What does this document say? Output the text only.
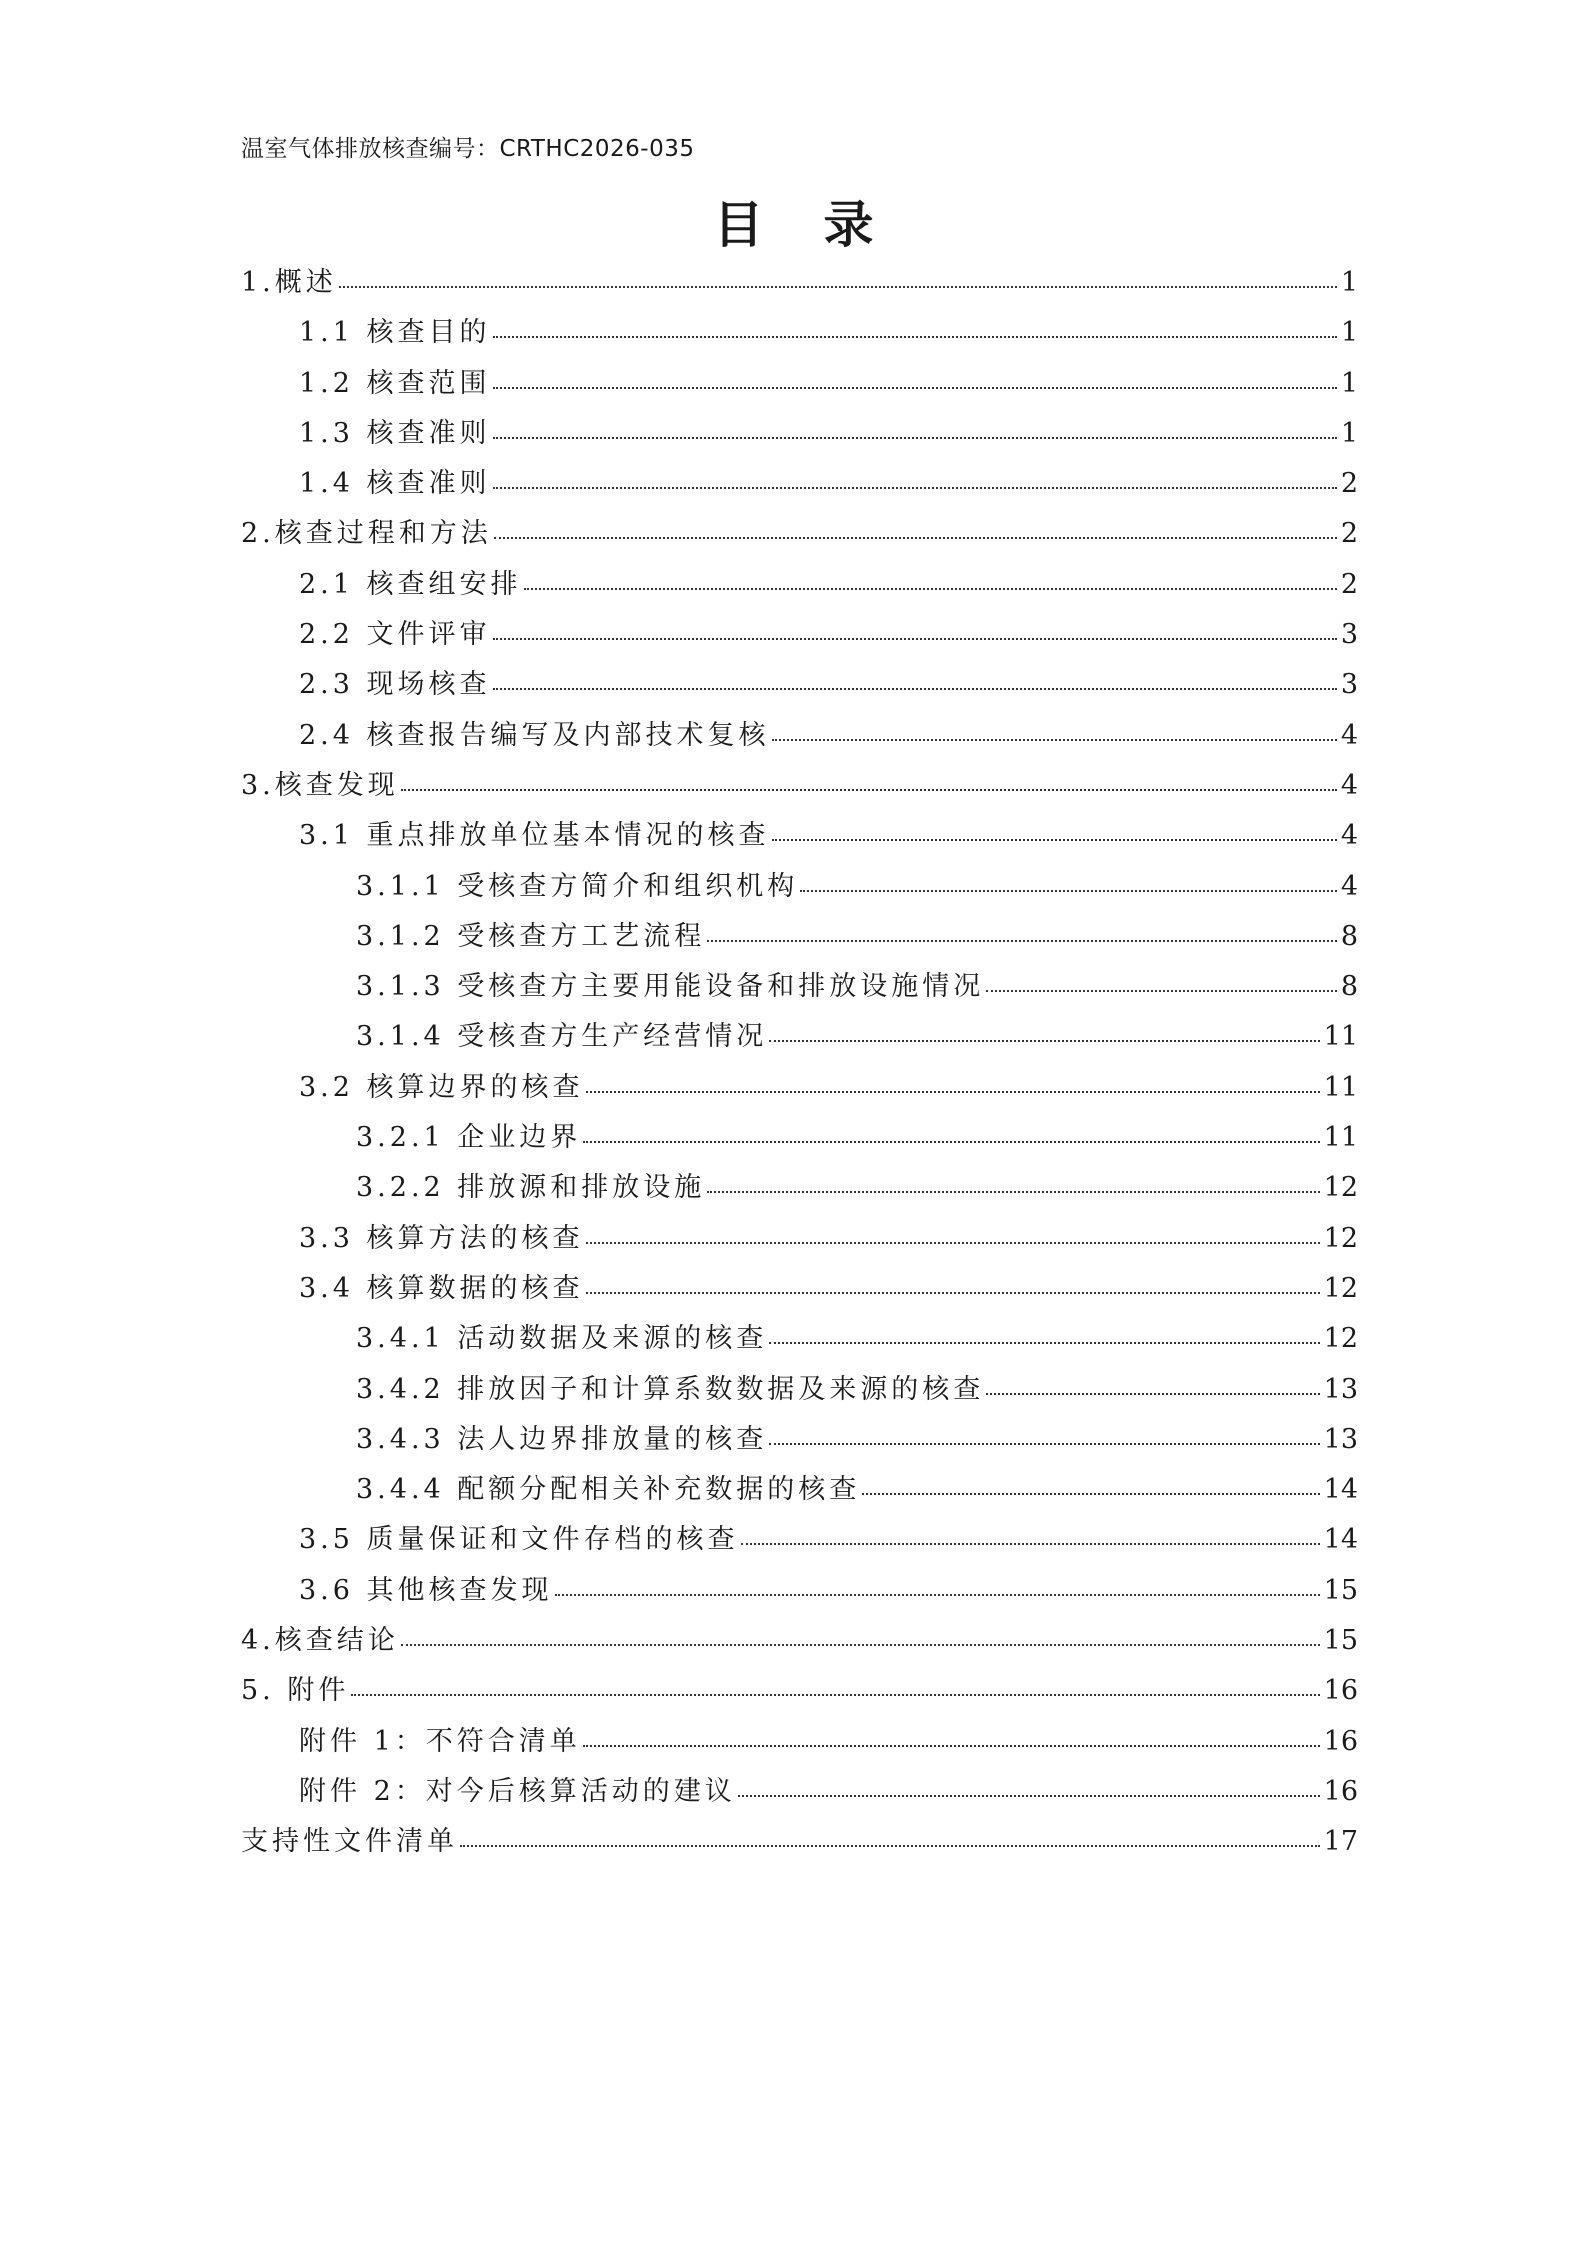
温室气体排放核查编号：CRTHC2026-035
目录
1.概述	1
1.1 核查目的	1
1.2 核查范围	1
1.3 核查准则	1
1.4 核查准则	2
2.核查过程和方法	2
2.1 核查组安排	2
2.2 文件评审	3
2.3 现场核查	3
2.4 核查报告编写及内部技术复核	4
3.核查发现	4
3.1 重点排放单位基本情况的核查	4
3.1.1 受核查方简介和组织机构	4
3.1.2 受核查方工艺流程	8
3.1.3 受核查方主要用能设备和排放设施情况	8
3.1.4 受核查方生产经营情况	11
3.2 核算边界的核查	11
3.2.1 企业边界	11
3.2.2 排放源和排放设施	12
3.3 核算方法的核查	12
3.4 核算数据的核查	12
3.4.1 活动数据及来源的核查	12
3.4.2 排放因子和计算系数数据及来源的核查	13
3.4.3 法人边界排放量的核查	13
3.4.4 配额分配相关补充数据的核查	14
3.5 质量保证和文件存档的核查	14
3.6 其他核查发现	15
4.核查结论	15
5. 附件	16
附件 1：不符合清单	16
附件 2：对今后核算活动的建议	16
支持性文件清单	17
